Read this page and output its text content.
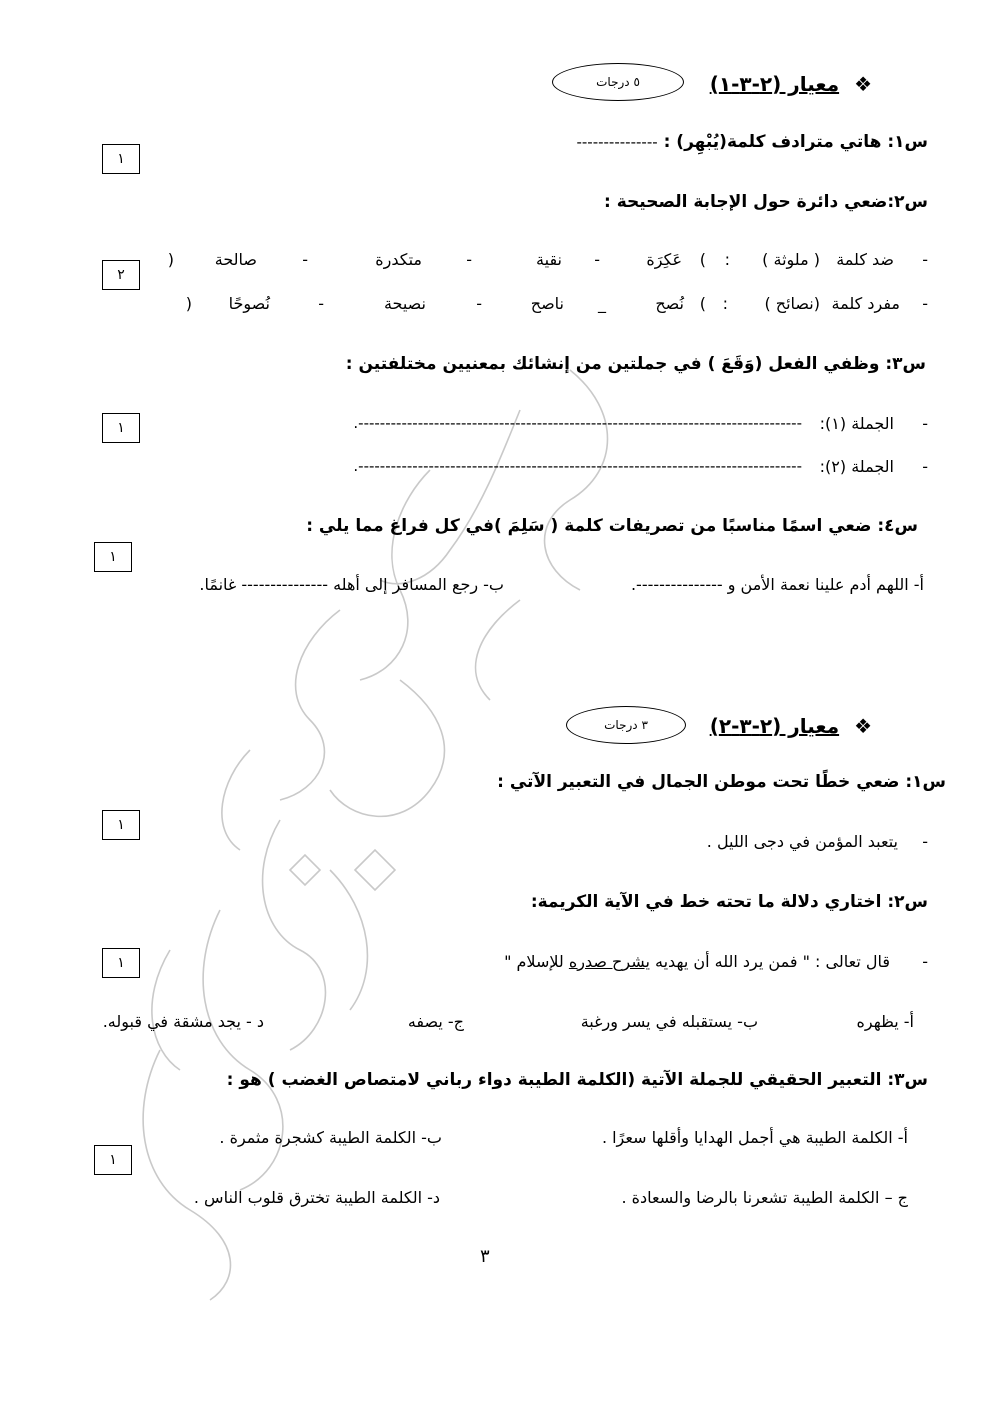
❖ معيار (٢-٣-١)
٥ درجات
س١: هاتي مترادف كلمة(يُبْهِر) : ---------------
١
س٢:ضعي دائرة حول الإجابة الصحيحة :
٢
-
ضد كلمة
( ملوثة )
:
(
عَكِرَة
-
نقية
-
متكدرة
-
صالحة
)
-
مفرد كلمة
(نصائح )
:
(
نُصح
_
ناصح
-
نصيحة
-
نُصوحًا
)
س٣: وظفي الفعل (وَقَعَ ) في جملتين من إنشائك بمعنيين مختلفتين :
١	-
الجملة (١):
----------------------------------------------------------------------------------.
-
الجملة (٢):
----------------------------------------------------------------------------------.
س٤: ضعي اسمًا مناسبًا من تصريفات كلمة ( سَلِمَ )في كل فراغ مما يلي :
١
أ- اللهم أدم علينا نعمة الأمن و ---------------.
ب- رجع المسافر إلى أهله --------------- غانمًا.
❖ معيار (٢-٣-٢)
٣ درجات
س١: ضعي خطًا تحت موطن الجمال في التعبير الآتي :
١
-
يتعبد المؤمن في دجى الليل .
س٢: اختاري دلالة ما تحته خط في الآية الكريمة:
١	-
قال تعالى : " فمن يرد الله أن يهديه يشرح صدره للإسلام "
أ- يظهره
ب- يستقبله في يسر ورغبة
ج- يصفه
د - يجد مشقة في قبوله.
س٣: التعبير الحقيقي للجملة الآتية (الكلمة الطيبة دواء رباني لامتصاص الغضب ) هو :
١
أ- الكلمة الطيبة هي أجمل الهدايا وأقلها سعرًا .
ب- الكلمة الطيبة كشجرة مثمرة .
ج – الكلمة الطيبة تشعرنا بالرضا والسعادة .
د- الكلمة الطيبة تخترق قلوب الناس .
٣
